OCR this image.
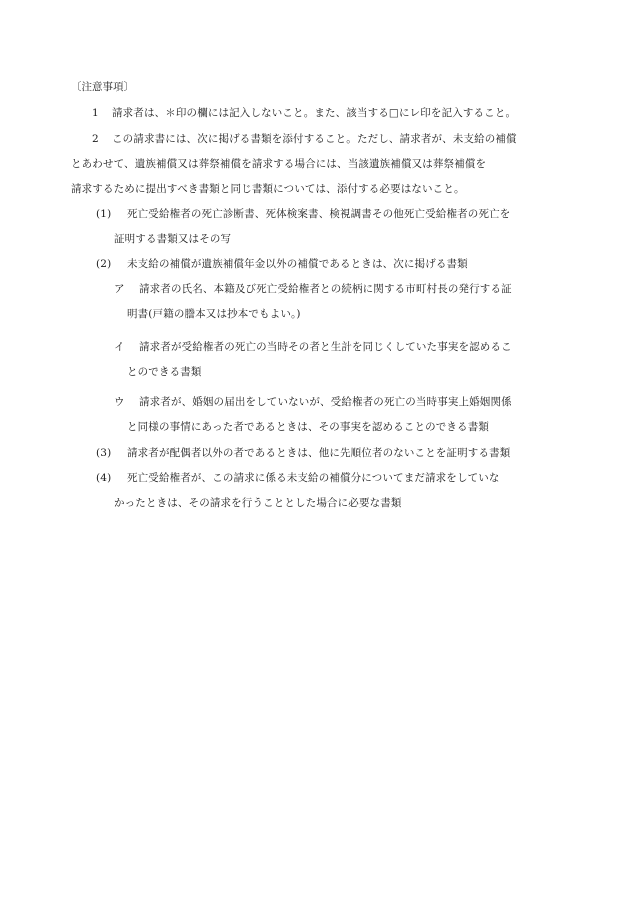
〔注意事項〕
1 請求者は、＊印の欄には記入しないこと。また、該当する□にレ印を記入すること。
2 この請求書には、次に掲げる書類を添付すること。ただし、請求者が、未支給の補償
とあわせて、遺族補償又は葬祭補償を請求する場合には、当該遺族補償又は葬祭補償を
請求するために提出すべき書類と同じ書類については、添付する必要はないこと。
(1) 死亡受給権者の死亡診断書、死体検案書、検視調書その他死亡受給権者の死亡を
証明する書類又はその写
(2) 未支給の補償が遺族補償年金以外の補償であるときは、次に掲げる書類
ア 請求者の氏名、本籍及び死亡受給権者との続柄に関する市町村長の発行する証
明書(戸籍の謄本又は抄本でもよい。)
イ 請求者が受給権者の死亡の当時その者と生計を同じくしていた事実を認めるこ
とのできる書類
ウ 請求者が、婚姻の届出をしていないが、受給権者の死亡の当時事実上婚姻関係
と同様の事情にあった者であるときは、その事実を認めることのできる書類
(3) 請求者が配偶者以外の者であるときは、他に先順位者のないことを証明する書類
(4) 死亡受給権者が、この請求に係る未支給の補償分についてまだ請求をしていな
かったときは、その請求を行うこととした場合に必要な書類
